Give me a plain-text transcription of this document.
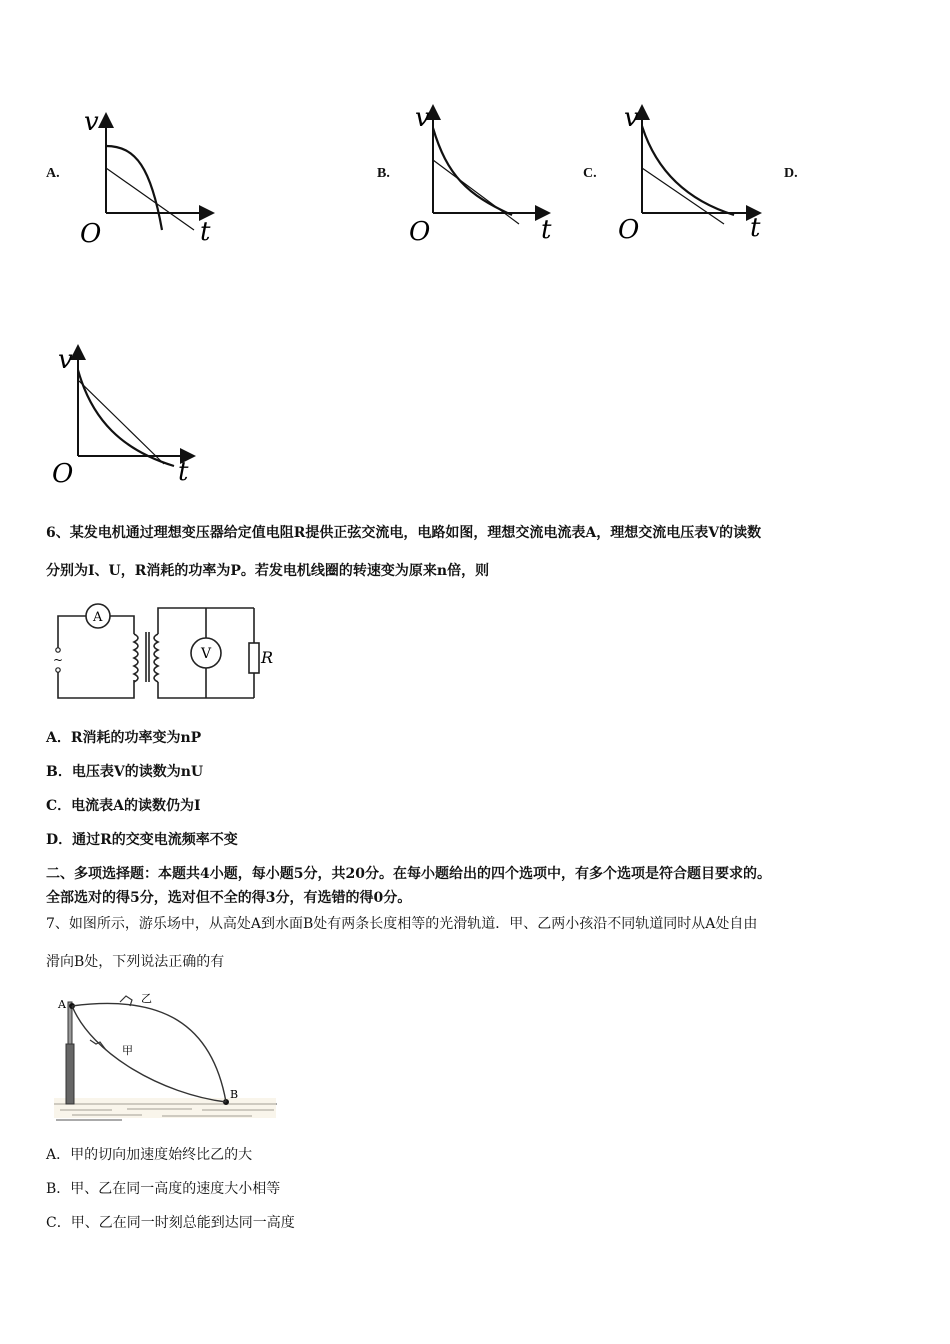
A.	B.	C.	D.
v
O	t
v
O	t
v
O	t
v
O	t
6、某发电机通过理想变压器给定值电阻R提供正弦交流电，电路如图，理想交流电流表A，理想交流电压表V的读数
分别为I、U，R消耗的功率为P。若发电机线圈的转速变为原来n倍，则
~
A
V	R
A．R消耗的功率变为nP
B．电压表V的读数为nU
C．电流表A的读数仍为I
D．通过R的交变电流频率不变
二、多项选择题：本题共4小题，每小题5分，共20分。在每小题给出的四个选项中，有多个选项是符合题目要求的。
全部选对的得5分，选对但不全的得3分，有选错的得0分。
7、如图所示，游乐场中，从高处A到水面B处有两条长度相等的光滑轨道．甲、乙两小孩沿不同轨道同时从A处自由
滑向B处，下列说法正确的有
A
B
乙
甲
A．甲的切向加速度始终比乙的大
B．甲、乙在同一高度的速度大小相等
C．甲、乙在同一时刻总能到达同一高度
